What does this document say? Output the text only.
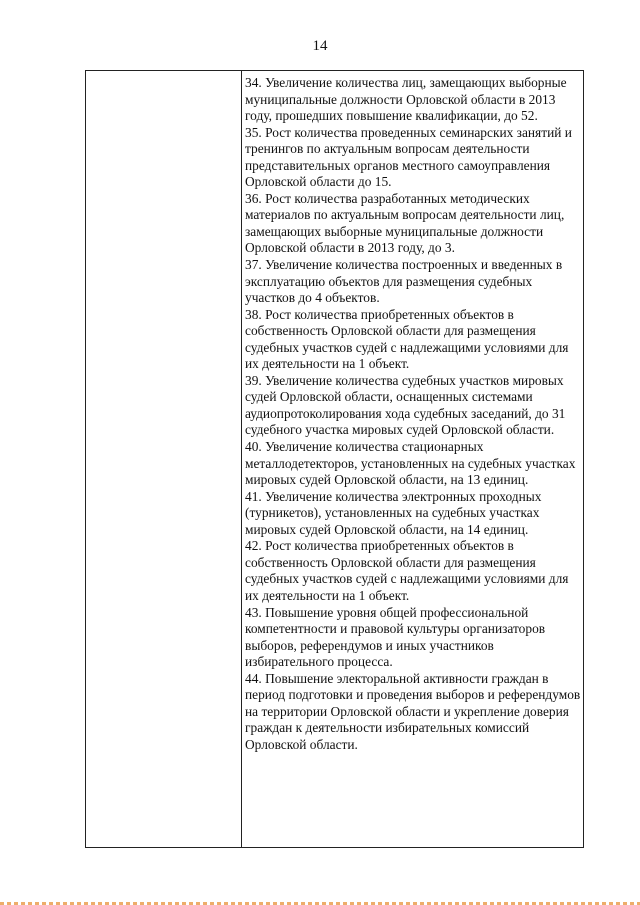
14

34. Увеличение количества лиц, замещающих выборные муниципальные должности Орловской области в 2013 году, прошедших повышение квалификации, до 52.

35. Рост количества проведенных семинарских занятий и тренингов по актуальным вопросам деятельности представительных органов местного самоуправления Орловской области до 15.

36. Рост количества разработанных методических материалов по актуальным вопросам деятельности лиц, замещающих выборные муниципальные должности Орловской области в 2013 году, до 3.

37. Увеличение количества построенных и введенных в эксплуатацию объектов для размещения судебных участков до 4 объектов.

38. Рост количества приобретенных объектов в собственность Орловской области для размещения судебных участков судей с надлежащими условиями для их деятельности на 1 объект.

39. Увеличение количества судебных участков мировых судей Орловской области, оснащенных системами аудиопротоколирования хода судебных заседаний, до 31 судебного участка мировых судей Орловской области.

40. Увеличение количества стационарных металлодетекторов, установленных на судебных участках мировых судей Орловской области, на 13 единиц.

41. Увеличение количества электронных проходных (турникетов), установленных на судебных участках мировых судей Орловской области, на 14 единиц.

42. Рост количества приобретенных объектов в собственность Орловской области для размещения судебных участков судей с надлежащими условиями для их деятельности на 1 объект.

43. Повышение уровня общей профессиональной компетентности и правовой культуры организаторов выборов, референдумов и иных участников избирательного процесса.

44. Повышение электоральной активности граждан в период подготовки и проведения выборов и референдумов на территории Орловской области и укрепление доверия граждан к деятельности избирательных комиссий Орловской области.
